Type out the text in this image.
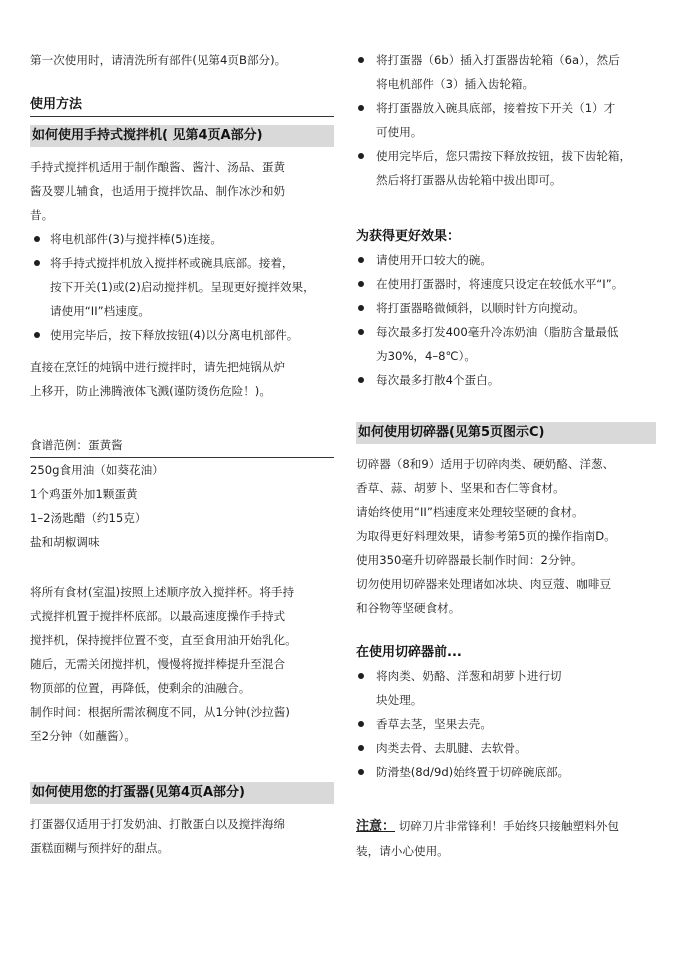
第一次使用时，请清洗所有部件(见第4页B部分)。

使用方法
如何使用手持式搅拌机( 见第4页A部分)

手持式搅拌机适用于制作酿酱、酱汁、汤品、蛋黄

酱及婴儿辅食，也适用于搅拌饮品、制作冰沙和奶

昔。

将电机部件(3)与搅拌棒(5)连接。

将手持式搅拌机放入搅拌杯或碗具底部。接着，

按下开关(1)或(2)启动搅拌机。呈现更好搅拌效果，

请使用“II”档速度。

使用完毕后，按下释放按钮(4)以分离电机部件。

直接在烹饪的炖锅中进行搅拌时，请先把炖锅从炉

上移开，防止沸腾液体飞溅(谨防烫伤危险！)。

食谱范例：蛋黄酱

250g食用油（如葵花油）

1个鸡蛋外加1颗蛋黄

1–2汤匙醋（约15克）

盐和胡椒调味

将所有食材(室温)按照上述顺序放入搅拌杯。将手持

式搅拌机置于搅拌杯底部。以最高速度操作手持式

搅拌机，保持搅拌位置不变，直至食用油开始乳化。

随后，无需关闭搅拌机，慢慢将搅拌棒提升至混合

物顶部的位置，再降低，使剩余的油融合。

制作时间：根据所需浓稠度不同，从1分钟(沙拉酱)

至2分钟（如蘸酱）。

如何使用您的打蛋器(见第4页A部分)

打蛋器仅适用于打发奶油、打散蛋白以及搅拌海绵

蛋糕面糊与预拌好的甜点。

将打蛋器（6b）插入打蛋器齿轮箱（6a），然后

将电机部件（3）插入齿轮箱。

将打蛋器放入碗具底部，接着按下开关（1）才

可使用。

使用完毕后，您只需按下释放按钮，拔下齿轮箱，

然后将打蛋器从齿轮箱中拔出即可。

为获得更好效果：

请使用开口较大的碗。

在使用打蛋器时，将速度只设定在较低水平“I”。

将打蛋器略微倾斜，以顺时针方向搅动。

每次最多打发400毫升冷冻奶油（脂肪含量最低

为30%，4–8℃）。

每次最多打散4个蛋白。

如何使用切碎器(见第5页图示C)

切碎器（8和9）适用于切碎肉类、硬奶酪、洋葱、

香草、蒜、胡萝卜、坚果和杏仁等食材。

请始终使用“II”档速度来处理较坚硬的食材。

为取得更好料理效果，请参考第5页的操作指南D。

使用350毫升切碎器最长制作时间：2分钟。

切勿使用切碎器来处理诸如冰块、肉豆蔻、咖啡豆

和谷物等坚硬食材。

在使用切碎器前...

将肉类、奶酪、洋葱和胡萝卜进行切

块处理。

香草去茎，坚果去壳。

肉类去骨、去肌腱、去软骨。

防滑垫(8d/9d)始终置于切碎碗底部。

注意： 切碎刀片非常锋利！手始终只接触塑料外包

装，请小心使用。
